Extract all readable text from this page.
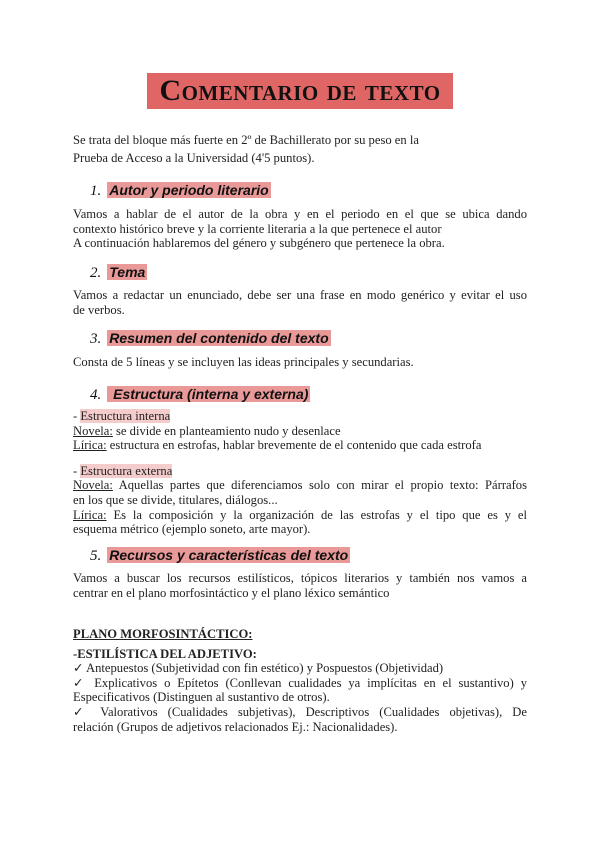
Comentario de texto
Se trata del bloque más fuerte en 2º de Bachillerato por su peso en la
Prueba de Acceso a la Universidad (4'5 puntos).
1. Autor y periodo literario
Vamos a hablar de el autor de la obra y en el periodo en el que se ubica dando
contexto histórico breve y la corriente literaria a la que pertenece el autor
A continuación hablaremos del género y subgénero que pertenece la obra.
2. Tema
Vamos a redactar un enunciado, debe ser una frase en modo genérico y evitar el uso
de verbos.
3. Resumen del contenido del texto
Consta de 5 líneas y se incluyen las ideas principales y secundarias.
4. Estructura (interna y externa)
- Estructura interna
Novela: se divide en planteamiento nudo y desenlace
Lírica: estructura en estrofas, hablar brevemente de el contenido que cada estrofa
- Estructura externa
Novela: Aquellas partes que diferenciamos solo con mirar el propio texto: Párrafos
en los que se divide, titulares, diálogos...
Lírica: Es la composición y la organización de las estrofas y el tipo que es y el
esquema métrico (ejemplo soneto, arte mayor).
5. Recursos y características del texto
Vamos a buscar los recursos estilísticos, tópicos literarios y también nos vamos a
centrar en el plano morfosintáctico y el plano léxico semántico
PLANO MORFOSINTÁCTICO:
-ESTILÍSTICA DEL ADJETIVO:
✓ Antepuestos (Subjetividad con fin estético) y Pospuestos (Objetividad)
✓ Explicativos o Epítetos (Conllevan cualidades ya implícitas en el sustantivo) y
Especificativos (Distinguen al sustantivo de otros).
✓ Valorativos (Cualidades subjetivas), Descriptivos (Cualidades objetivas), De
relación (Grupos de adjetivos relacionados Ej.: Nacionalidades).
